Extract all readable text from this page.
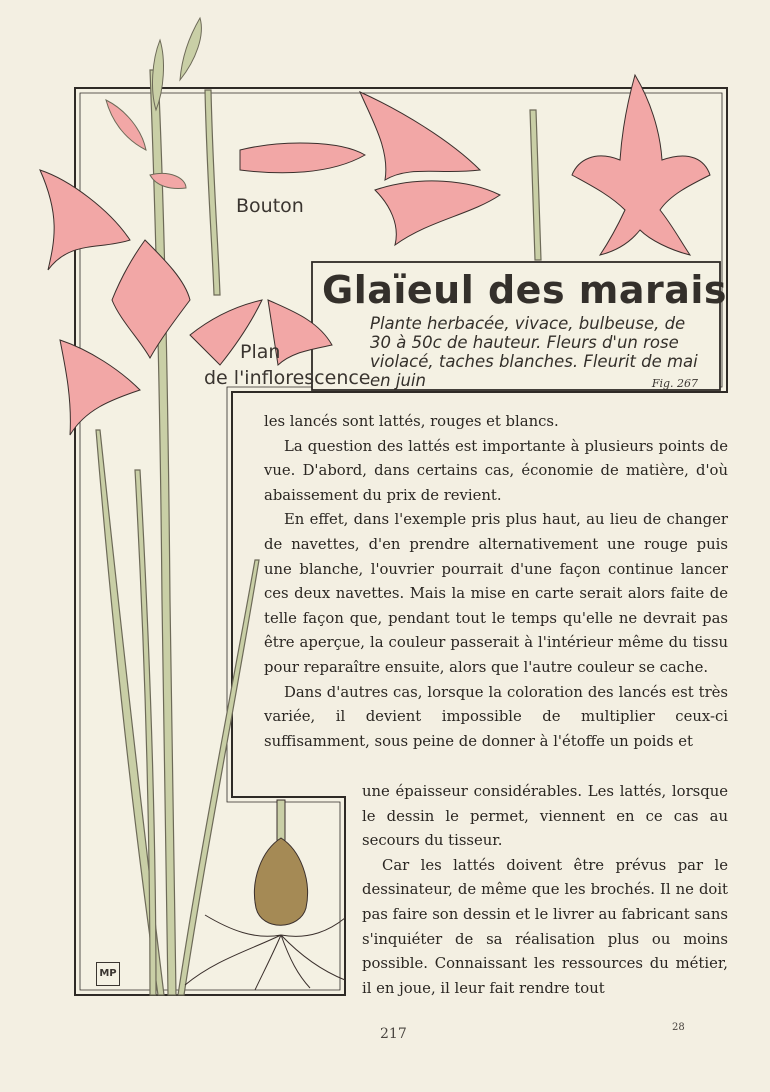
Bouton
Plan
de l'inflorescence
Glaïeul des marais

Plante herbacée, vivace, bulbeuse, de 30 à 50c de hauteur. Fleurs d'un rose violacé, taches blanches. Fleurit de mai en juin	Fig. 267

les lancés sont lattés, rouges et blancs.

La question des lattés est importante à plusieurs points de vue. D'abord, dans certains cas, économie de matière, d'où abaissement du prix de revient.

En effet, dans l'exemple pris plus haut, au lieu de changer de navettes, d'en prendre alternativement une rouge puis une blanche, l'ouvrier pourrait d'une façon continue lancer ces deux navettes. Mais la mise en carte serait alors faite de telle façon que, pendant tout le temps qu'elle ne devrait pas être aperçue, la couleur passerait à l'intérieur même du tissu pour reparaître ensuite, alors que l'autre couleur se cache.

Dans d'autres cas, lorsque la coloration des lancés est très variée, il devient impossible de multiplier ceux-ci suffisamment, sous peine de donner à l'étoffe un poids et

une épaisseur considérables. Les lattés, lorsque le dessin le permet, viennent en ce cas au secours du tisseur.

Car les lattés doivent être prévus par le dessinateur, de même que les brochés. Il ne doit pas faire son dessin et le livrer au fabricant sans s'inquiéter de sa réalisation plus ou moins possible. Connaissant les ressources du métier, il en joue, il leur fait rendre tout

MP
217	28
